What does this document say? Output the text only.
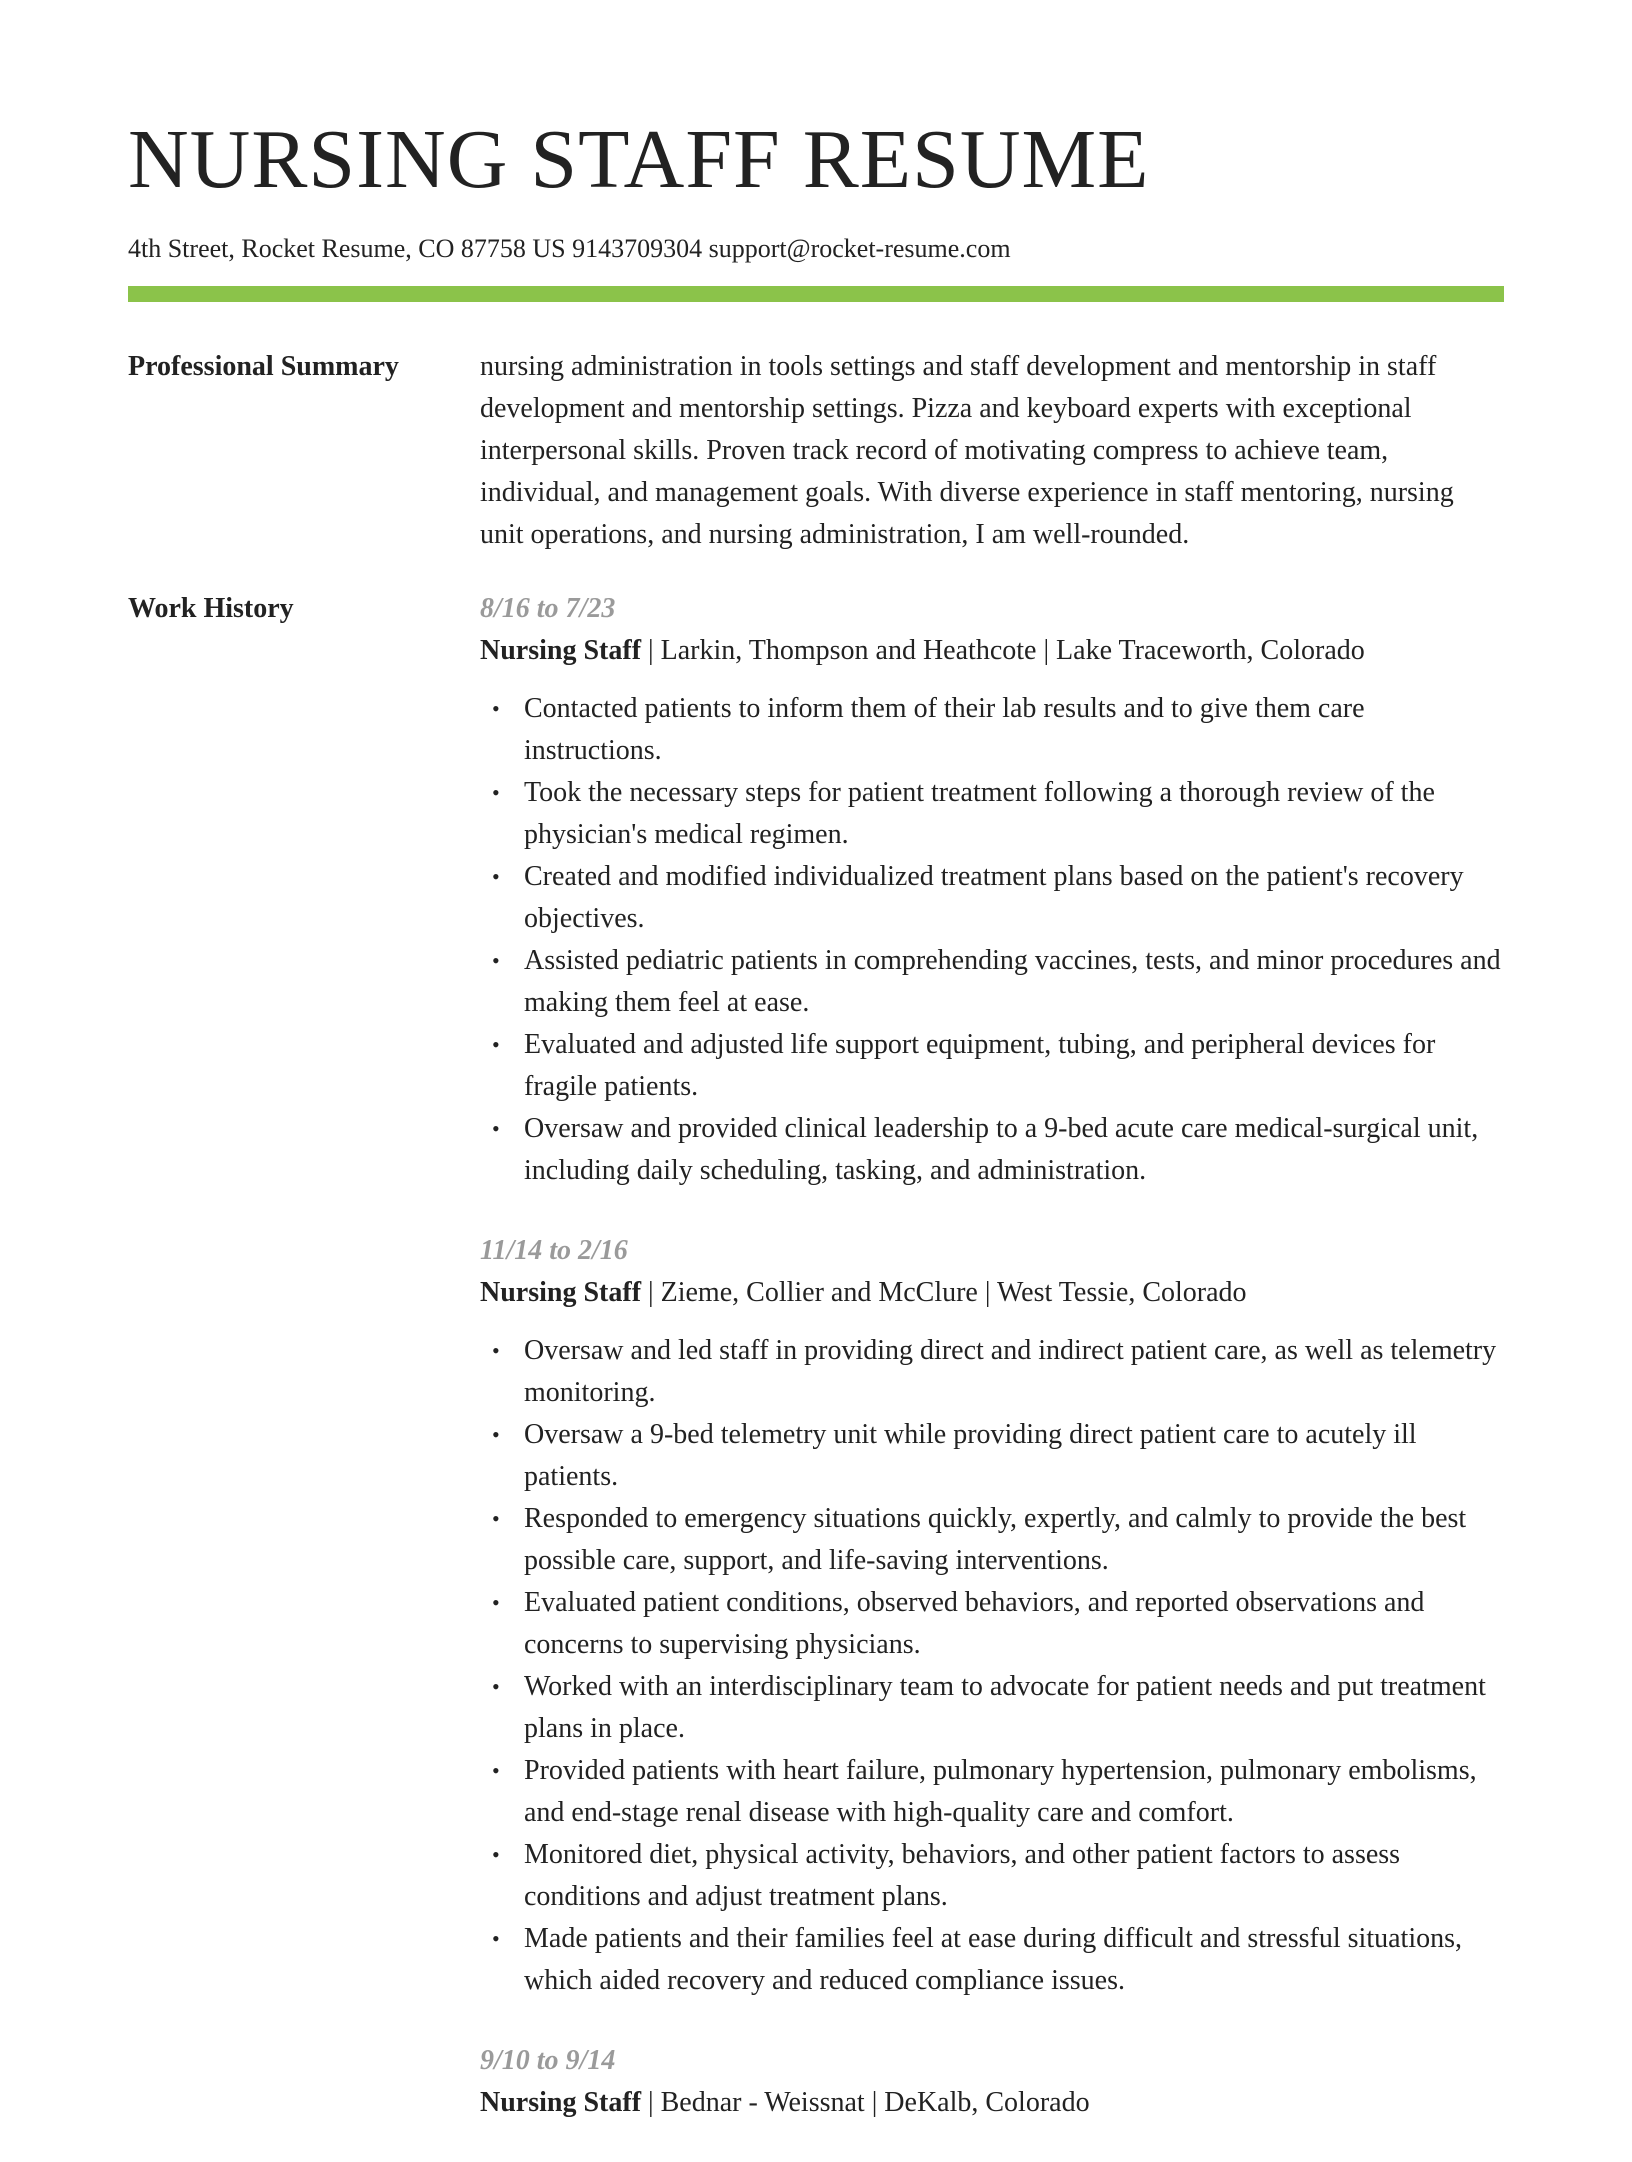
NURSING STAFF RESUME
4th Street, Rocket Resume, CO 87758 US 9143709304 support@rocket-resume.com
Professional Summary	nursing administration in tools settings and staff development and mentorship in staff development and mentorship settings. Pizza and keyboard experts with exceptional interpersonal skills. Proven track record of motivating compress to achieve team, individual, and management goals. With diverse experience in staff mentoring, nursing unit operations, and nursing administration, I am well-rounded.

Work History	8/16 to 7/23
Nursing Staff | Larkin, Thompson and Heathcote | Lake Traceworth, Colorado
• Contacted patients to inform them of their lab results and to give them care instructions.
• Took the necessary steps for patient treatment following a thorough review of the physician's medical regimen.
• Created and modified individualized treatment plans based on the patient's recovery objectives.
• Assisted pediatric patients in comprehending vaccines, tests, and minor procedures and making them feel at ease.
• Evaluated and adjusted life support equipment, tubing, and peripheral devices for fragile patients.
• Oversaw and provided clinical leadership to a 9-bed acute care medical-surgical unit, including daily scheduling, tasking, and administration.
11/14 to 2/16
Nursing Staff | Zieme, Collier and McClure | West Tessie, Colorado
• Oversaw and led staff in providing direct and indirect patient care, as well as telemetry monitoring.
• Oversaw a 9-bed telemetry unit while providing direct patient care to acutely ill patients.
• Responded to emergency situations quickly, expertly, and calmly to provide the best possible care, support, and life-saving interventions.
• Evaluated patient conditions, observed behaviors, and reported observations and concerns to supervising physicians.
• Worked with an interdisciplinary team to advocate for patient needs and put treatment plans in place.
• Provided patients with heart failure, pulmonary hypertension, pulmonary embolisms, and end-stage renal disease with high-quality care and comfort.
• Monitored diet, physical activity, behaviors, and other patient factors to assess conditions and adjust treatment plans.
• Made patients and their families feel at ease during difficult and stressful situations, which aided recovery and reduced compliance issues.
9/10 to 9/14
Nursing Staff | Bednar - Weissnat | DeKalb, Colorado
